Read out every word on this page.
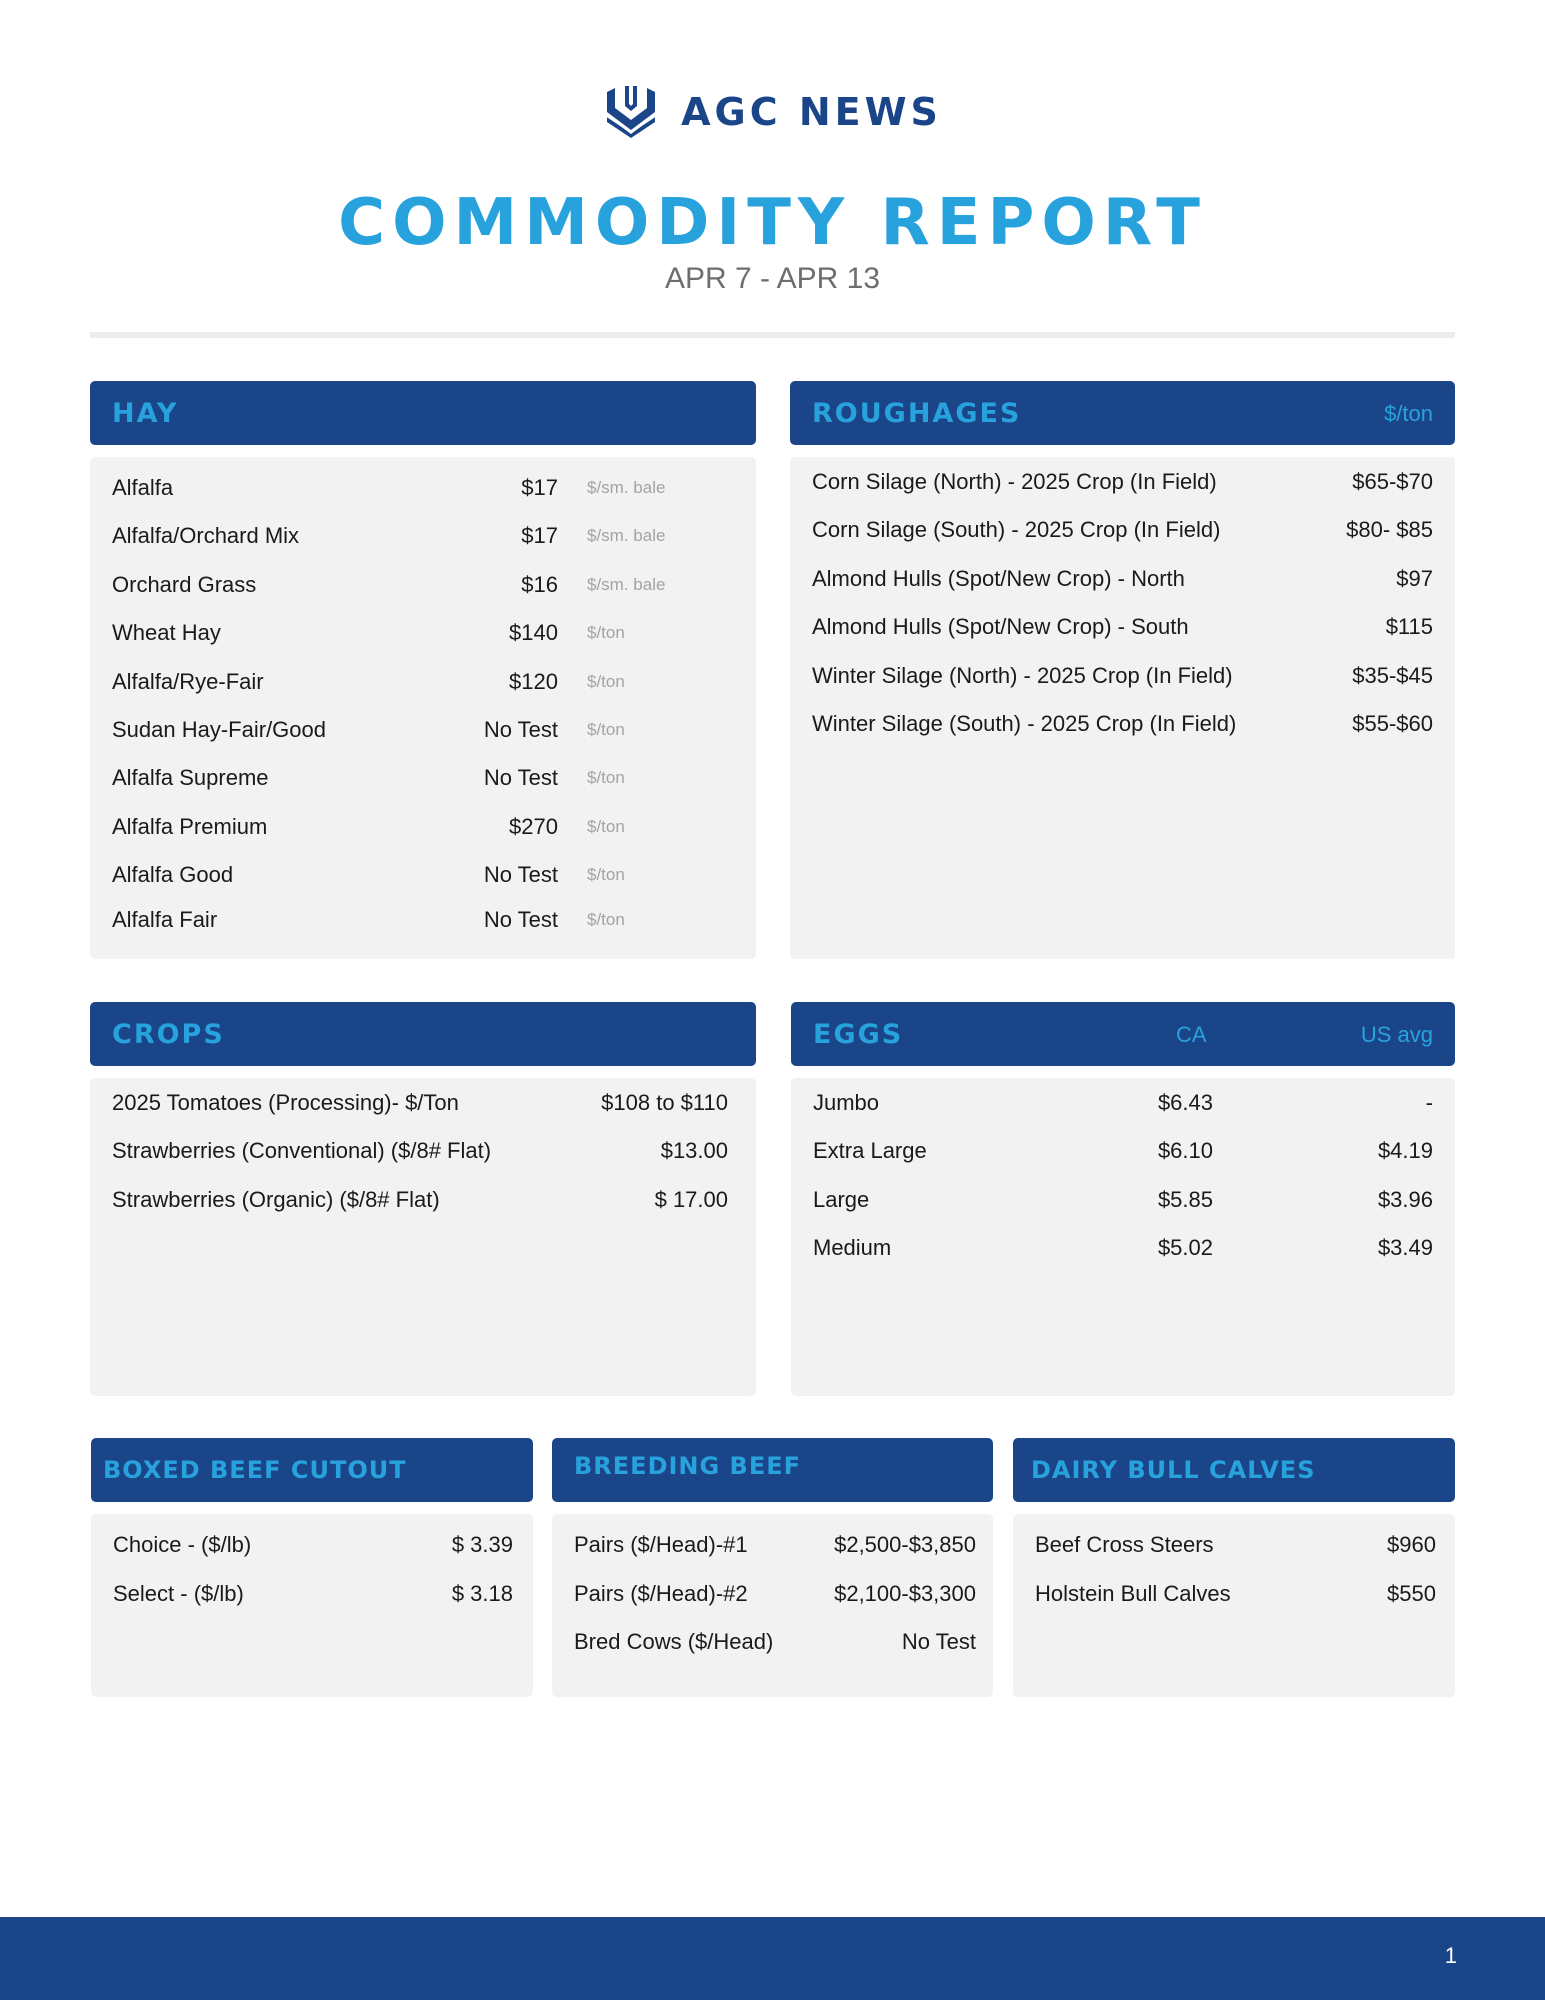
AGC NEWS
COMMODITY REPORT
APR 7 - APR 13
HAY
Alfalfa	$17 $/sm. bale
Alfalfa/Orchard Mix	$17 $/sm. bale
Orchard Grass	$16 $/sm. bale
Wheat Hay	$140 $/ton
Alfalfa/Rye-Fair	$120 $/ton
Sudan Hay-Fair/Good	No Test $/ton
Alfalfa Supreme	No Test $/ton
Alfalfa Premium	$270 $/ton
Alfalfa Good	No Test $/ton
Alfalfa Fair	No Test $/ton
ROUGHAGES	$/ton
Corn Silage (North) - 2025 Crop (In Field)	$65-$70
Corn Silage (South) - 2025 Crop (In Field)	$80- $85
Almond Hulls (Spot/New Crop) - North	$97
Almond Hulls (Spot/New Crop) - South	$115
Winter Silage (North) - 2025 Crop (In Field)	$35-$45
Winter Silage (South) - 2025 Crop (In Field)	$55-$60
CROPS
2025 Tomatoes (Processing)- $/Ton	$108 to $110
Strawberries (Conventional) ($/8# Flat)	$13.00
Strawberries (Organic) ($/8# Flat)	$ 17.00
EGGS	CA	US avg
Jumbo	$6.43	-
Extra Large	$6.10	$4.19
Large	$5.85	$3.96
Medium	$5.02	$3.49
BOXED BEEF CUTOUT
Choice - ($/lb)	$ 3.39
Select - ($/lb)	$ 3.18
BREEDING BEEF
Pairs ($/Head)-#1	$2,500-$3,850
Pairs ($/Head)-#2	$2,100-$3,300
Bred Cows ($/Head)	No Test
DAIRY BULL CALVES
Beef Cross Steers	$960
Holstein Bull Calves	$550
1
